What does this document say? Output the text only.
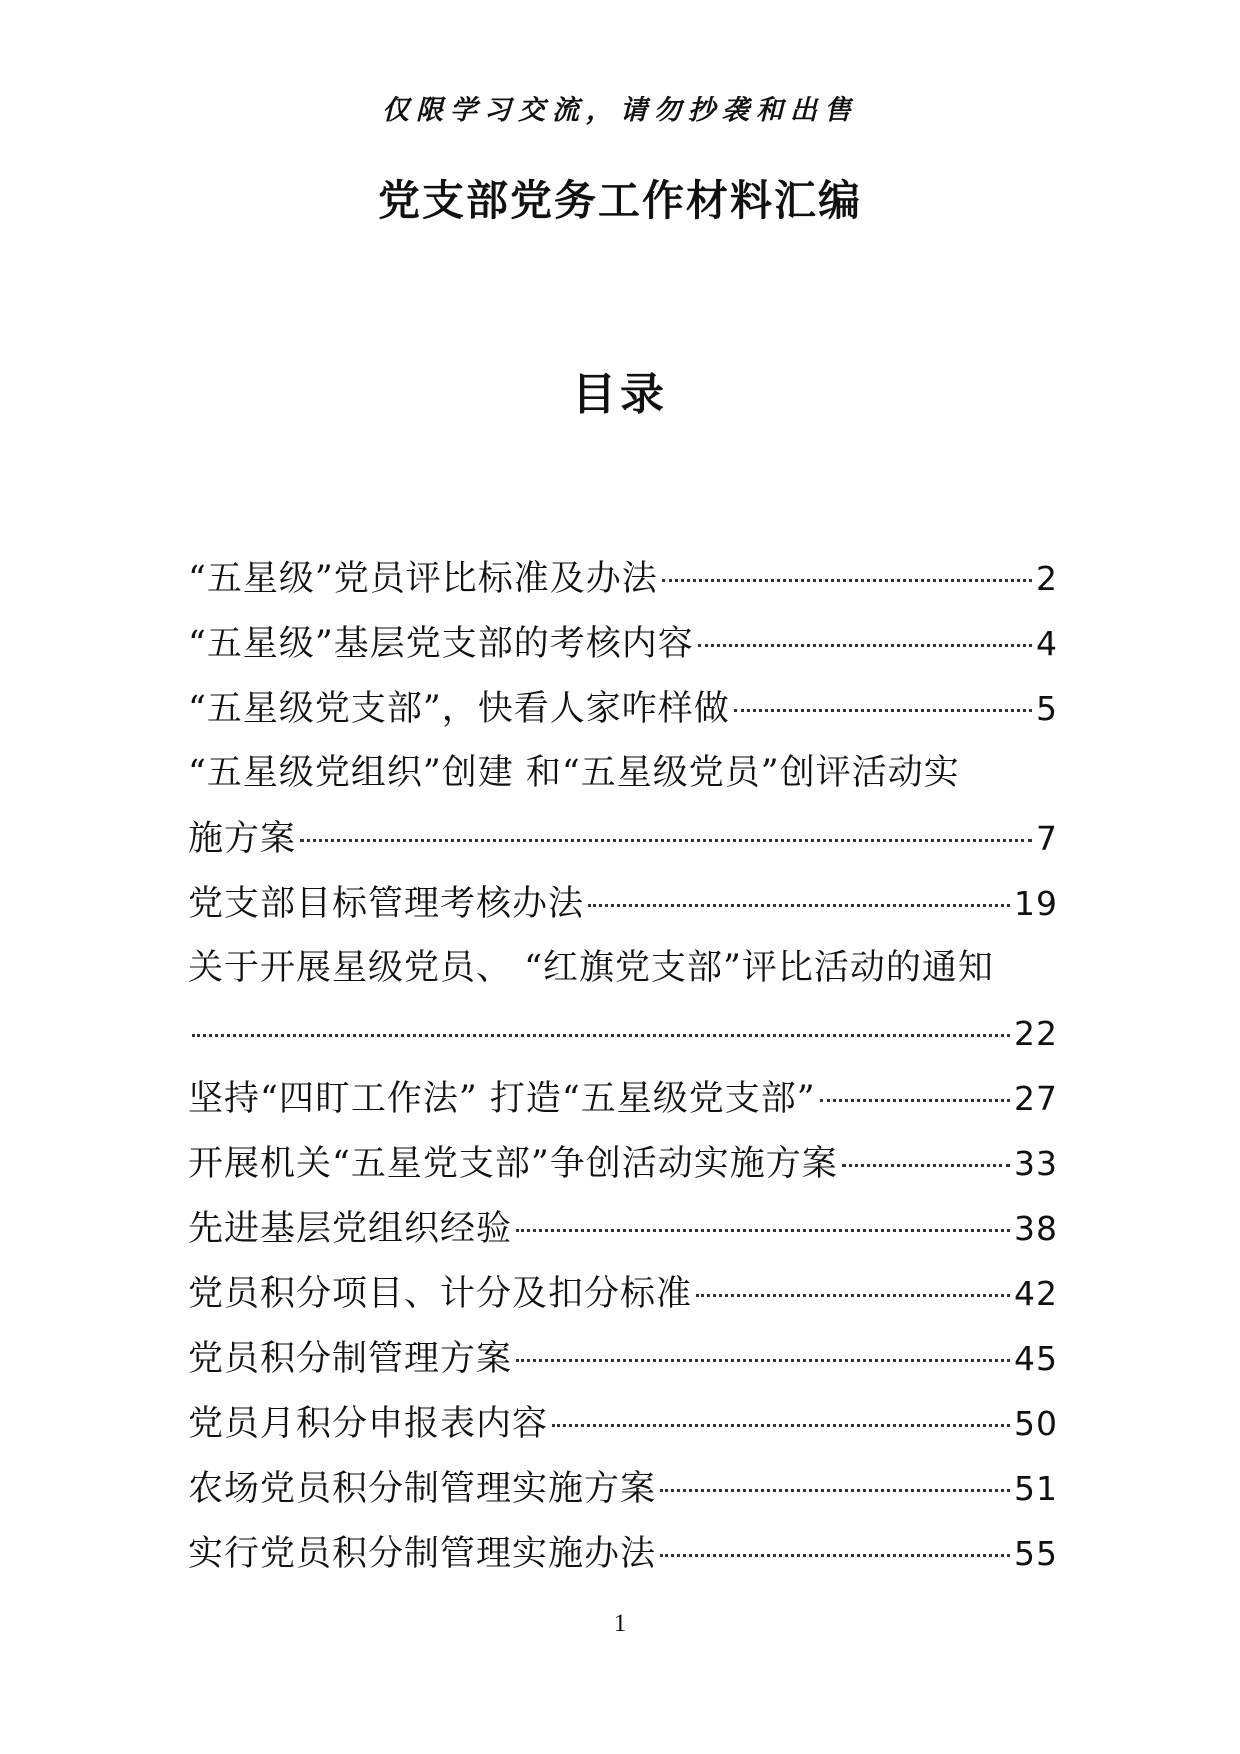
仅限学习交流，请勿抄袭和出售
党支部党务工作材料汇编
目录
“五星级”党员评比标准及办法	2
“五星级”基层党支部的考核内容	4
“五星级党支部”，快看人家咋样做	5
“五星级党组织”创建 和“五星级党员”创评活动实
施方案	7
党支部目标管理考核办法	19
关于开展星级党员、 “红旗党支部”评比活动的通知
22
坚持“四盯工作法” 打造“五星级党支部”	27
开展机关“五星党支部”争创活动实施方案	33
先进基层党组织经验	38
党员积分项目、计分及扣分标准	42
党员积分制管理方案	45
党员月积分申报表内容	50
农场党员积分制管理实施方案	51
实行党员积分制管理实施办法	55
1
